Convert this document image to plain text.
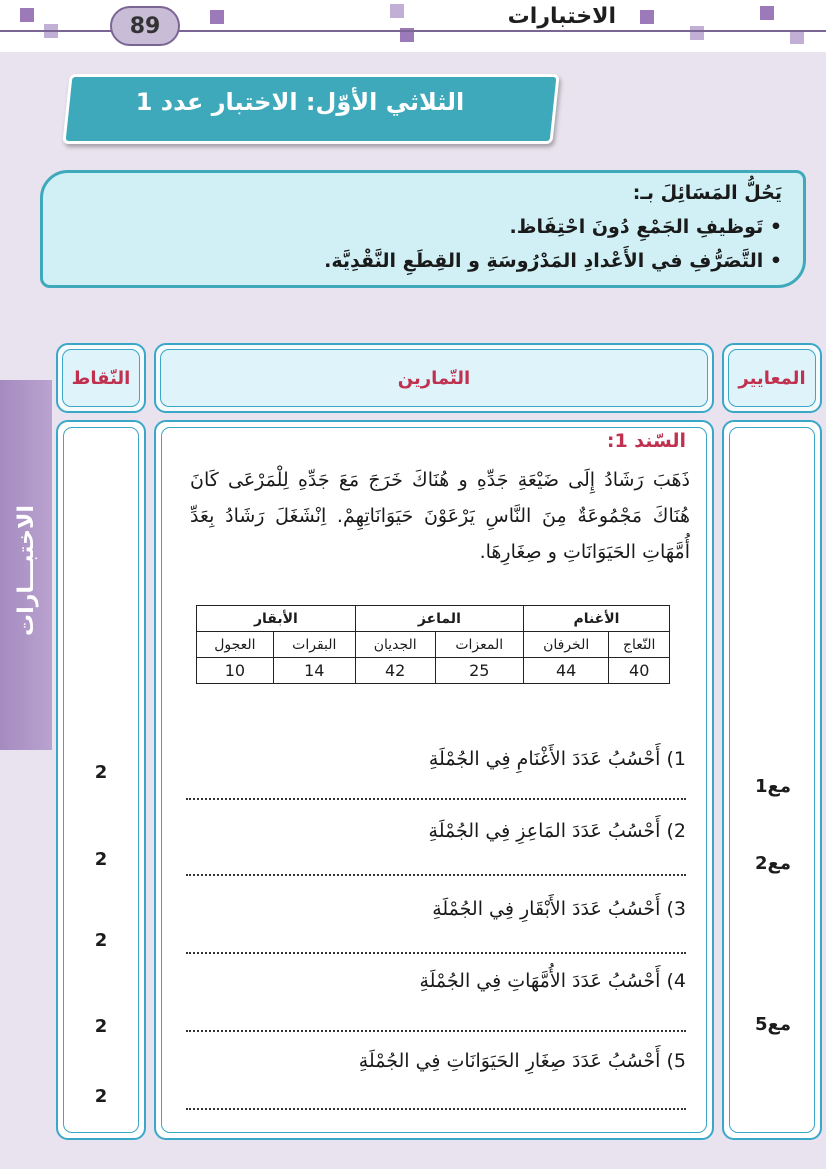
89	الاختبارات
الاختبـــارات
الثلاثي الأوّل: الاختبار عدد 1
يَحُلُّ المَسَائِلَ بـ:
• تَوظيفِ الجَمْعِ دُونَ احْتِفَاظ.
• التَّصَرُّفِ في الأَعْدادِ المَدْرُوسَةِ و القِطَعِ النَّقْدِيَّة.
النّقاط	التّمارين	المعايير
السّند 1:
ذَهَبَ رَشَادُ إِلَى ضَيْعَةِ جَدِّهِ و هُنَاكَ خَرَجَ مَعَ جَدِّهِ لِلْمَرْعَى كَانَ هُنَاكَ مَجْمُوعَةٌ مِنَ النَّاسِ يَرْعَوْنَ حَيَوَانَاتِهِمْ. اِنْشَغَلَ رَشَادُ بِعَدِّ أُمَّهَاتِ الحَيَوَانَاتِ و صِغَارِهَا.
الأغنام		الماعز		الأبقار	
النّعاج	الخرفان	المعزات	الجديان	البقرات	العجول
40	44	25	42	14	10
1) أَحْسُبُ عَدَدَ الأَغْنَامِ فِي الجُمْلَةِ
2
مع1
2) أَحْسُبُ عَدَدَ المَاعِزِ فِي الجُمْلَةِ
2	مع2
3) أَحْسُبُ عَدَدَ الأَبْقَارِ فِي الجُمْلَةِ
2
4) أَحْسُبُ عَدَدَ الأُمَّهَاتِ فِي الجُمْلَةِ
2	مع5
5) أَحْسُبُ عَدَدَ صِغَارِ الحَيَوَانَاتِ فِي الجُمْلَةِ
2
